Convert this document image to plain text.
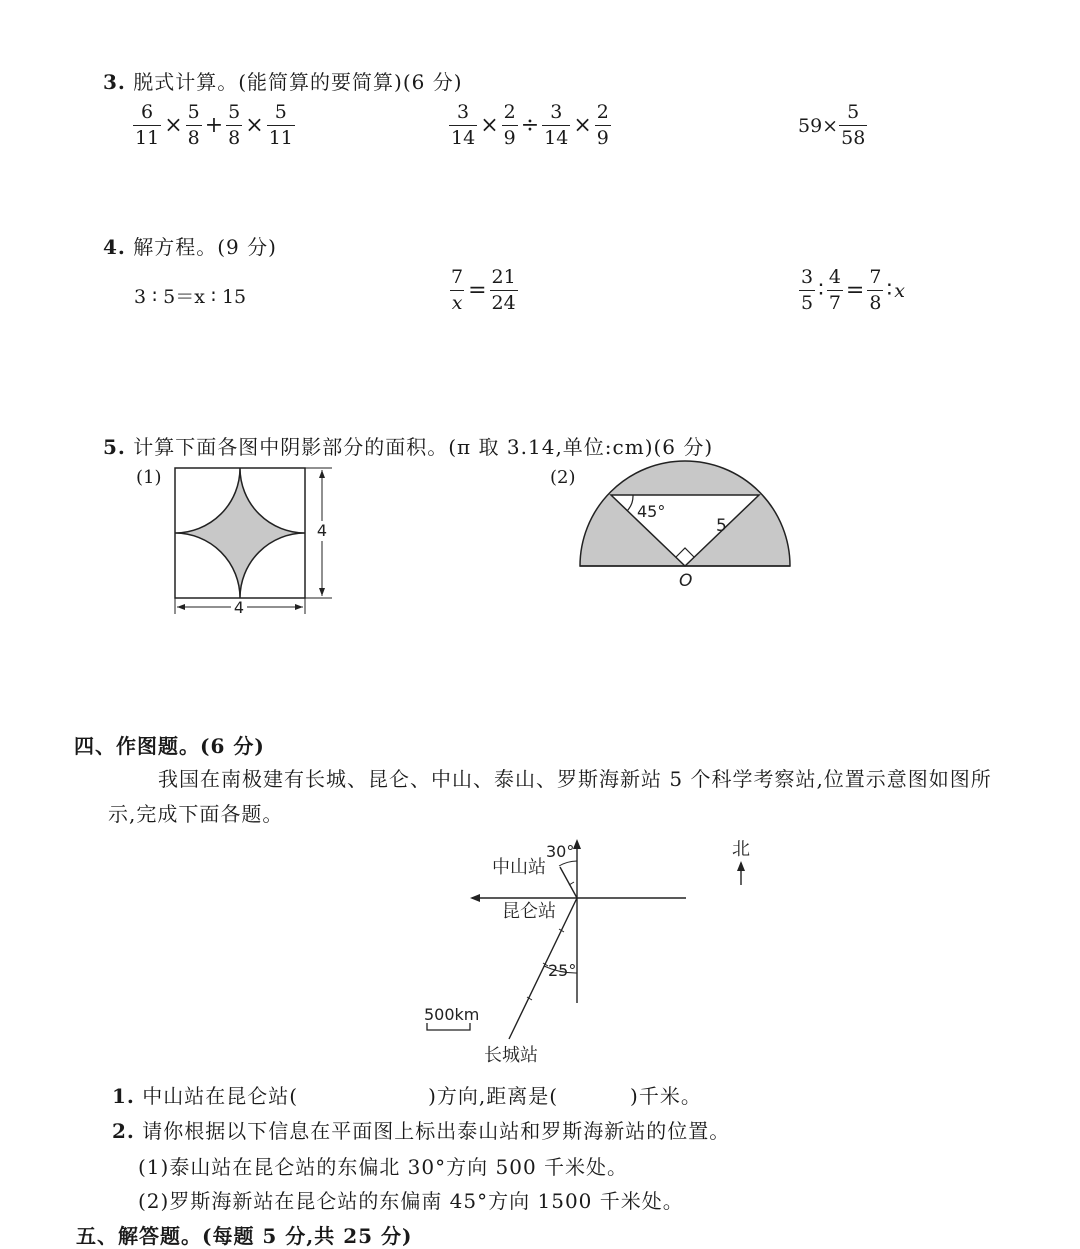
3. 脱式计算。(能简算的要简算)(6 分)
$\frac{6}{11} \times \frac{5}{8} + \frac{5}{8} \times \frac{5}{11}$	$\frac{3}{14} \times \frac{2}{9} \div \frac{3}{14} \times \frac{2}{9}$	$59\times \frac{5}{58}$
4. 解方程。(9 分)
3 ∶ 5＝x ∶ 15	$\frac{7}{x} = \frac{21}{24}$	$\frac{3}{5}$ ∶ $\frac{4}{7} = \frac{7}{8}$ ∶ x
5. 计算下面各图中阴影部分的面积。(π 取 3.14,单位:cm)(6 分)
(1)
4
4
(2)
45°
5
O
四、作图题。(6 分)
我国在南极建有长城、昆仑、中山、泰山、罗斯海新站 5 个科学考察站,位置示意图如图所
示,完成下面各题。
30°
25°
中山站
昆仑站
长城站
500km
北
1. 中山站在昆仑站(	)方向,距离是(	)千米。
2. 请你根据以下信息在平面图上标出泰山站和罗斯海新站的位置。
(1)泰山站在昆仑站的东偏北 30°方向 500 千米处。
(2)罗斯海新站在昆仑站的东偏南 45°方向 1500 千米处。
五、解答题。(每题 5 分,共 25 分)
